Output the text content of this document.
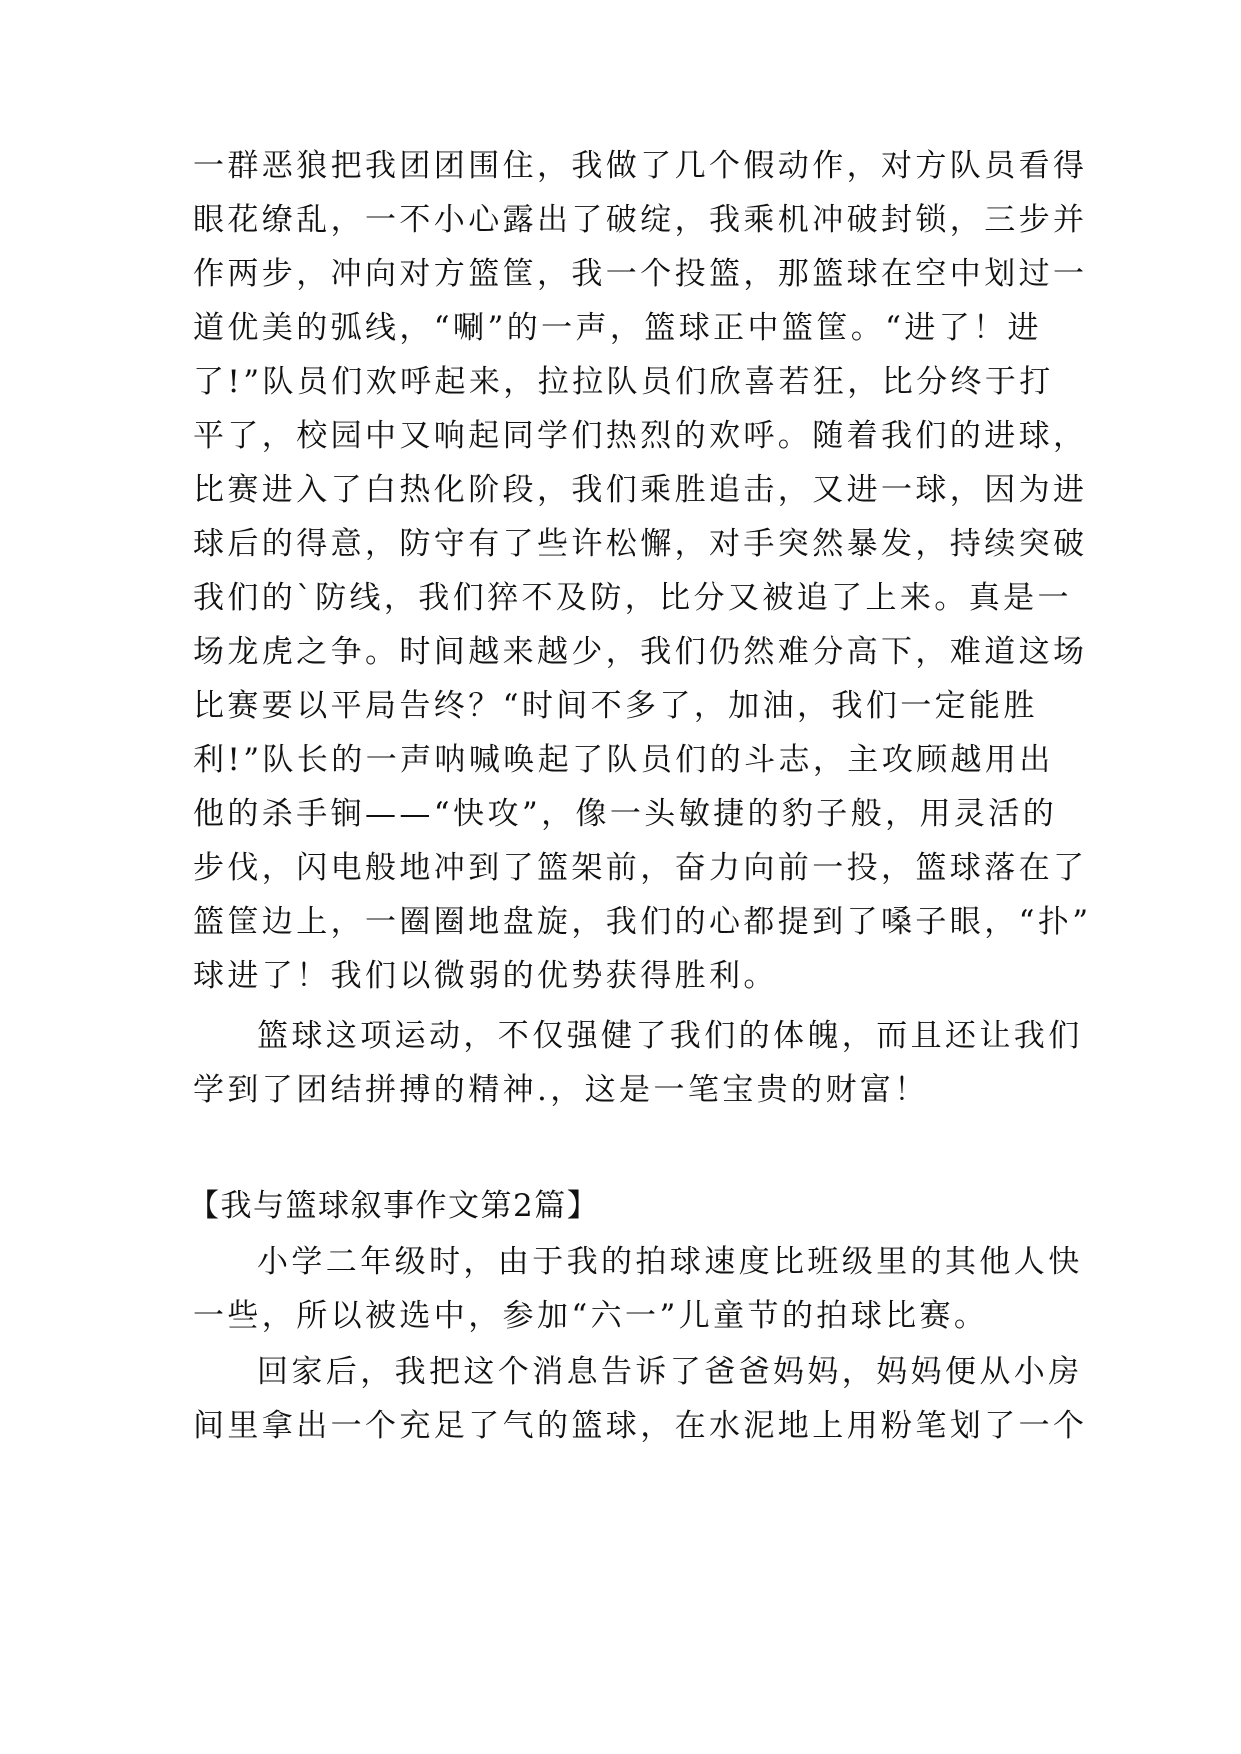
一群恶狼把我团团围住，我做了几个假动作，对方队员看得
眼花缭乱，一不小心露出了破绽，我乘机冲破封锁，三步并
作两步，冲向对方篮筐，我一个投篮，那篮球在空中划过一
道优美的弧线，“唰”的一声，篮球正中篮筐。“进了！进
了!”队员们欢呼起来，拉拉队员们欣喜若狂，比分终于打
平了，校园中又响起同学们热烈的欢呼。随着我们的进球，
比赛进入了白热化阶段，我们乘胜追击，又进一球，因为进
球后的得意，防守有了些许松懈，对手突然暴发，持续突破
我们的`防线，我们猝不及防，比分又被追了上来。真是一
场龙虎之争。时间越来越少，我们仍然难分高下，难道这场
比赛要以平局告终？“时间不多了，加油，我们一定能胜
利!”队长的一声呐喊唤起了队员们的斗志，主攻顾越用出
他的杀手锏——“快攻”，像一头敏捷的豹子般，用灵活的
步伐，闪电般地冲到了篮架前，奋力向前一投，篮球落在了
篮筐边上，一圈圈地盘旋，我们的心都提到了嗓子眼，“扑”
球进了！我们以微弱的优势获得胜利。
篮球这项运动，不仅强健了我们的体魄，而且还让我们
学到了团结拼搏的精神.，这是一笔宝贵的财富！
【我与篮球叙事作文第2篇】
小学二年级时，由于我的拍球速度比班级里的其他人快
一些，所以被选中，参加“六一”儿童节的拍球比赛。
回家后，我把这个消息告诉了爸爸妈妈，妈妈便从小房
间里拿出一个充足了气的篮球，在水泥地上用粉笔划了一个
